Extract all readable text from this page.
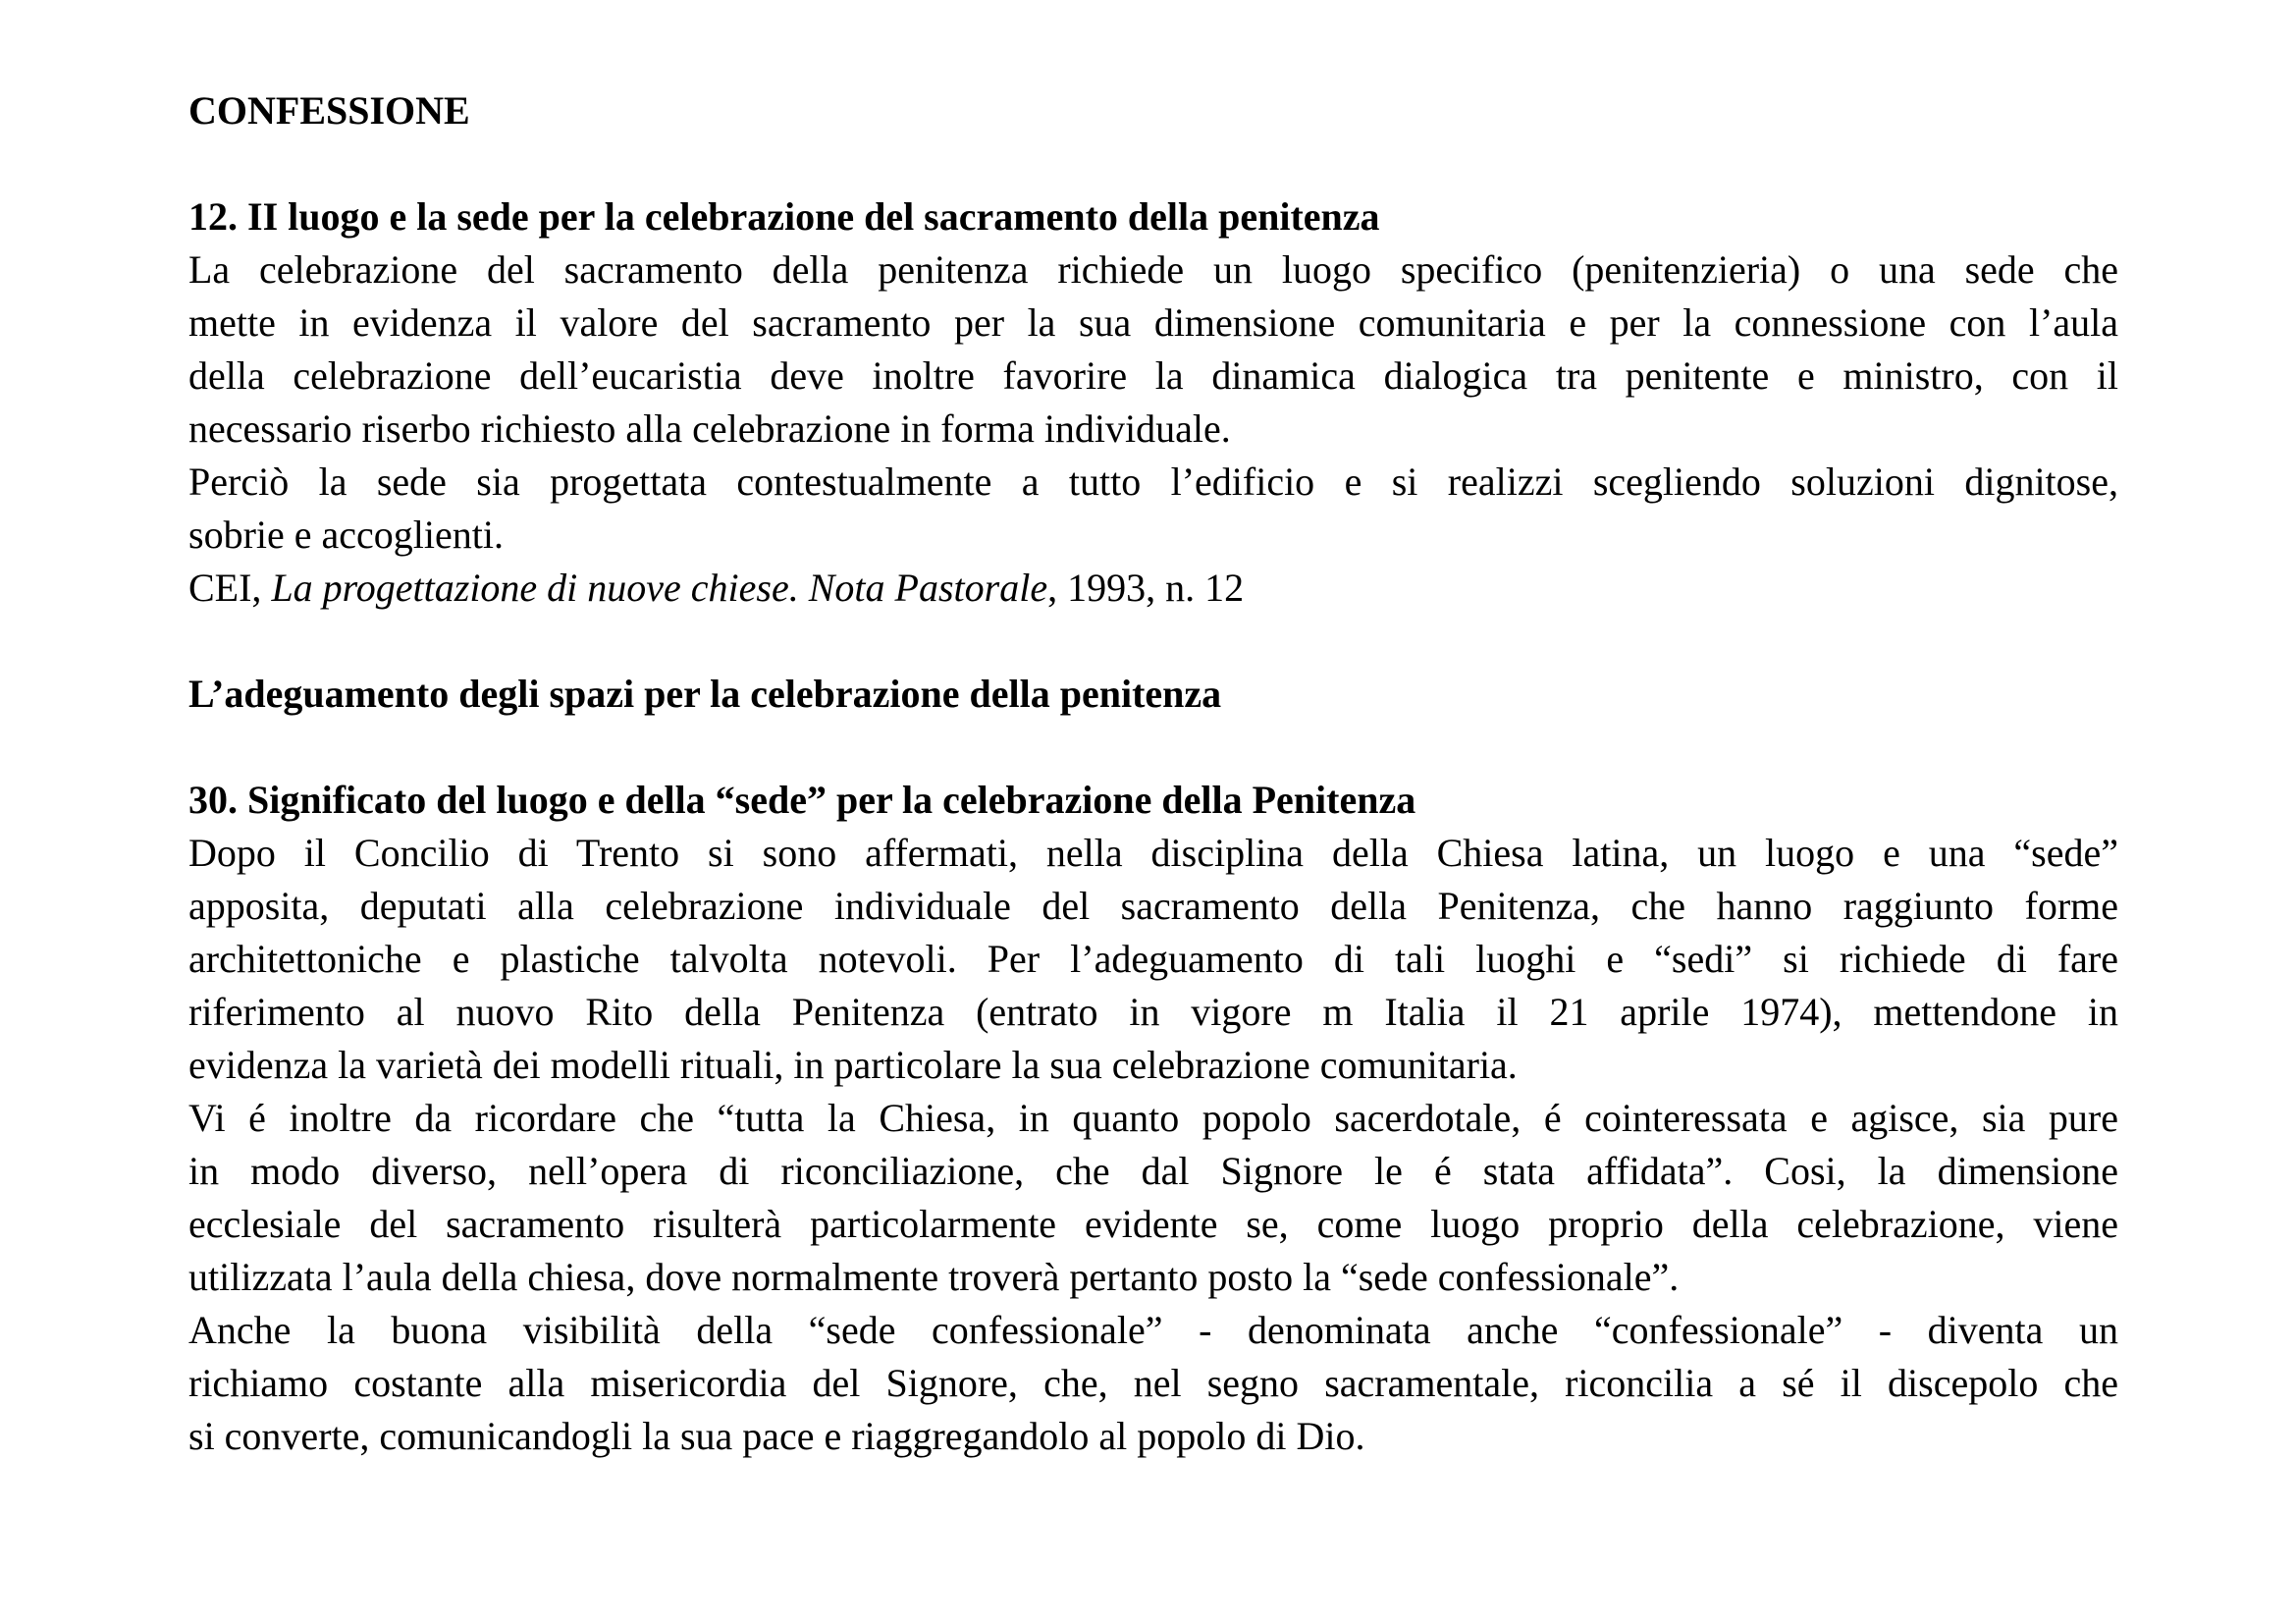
CONFESSIONE
12. II luogo e la sede per la celebrazione del sacramento della penitenza
La celebrazione del sacramento della penitenza richiede un luogo specifico (penitenzieria) o una sede che
mette in evidenza il valore del sacramento per la sua dimensione comunitaria e per la connessione con l’aula
della celebrazione dell’eucaristia deve inoltre favorire la dinamica dialogica tra penitente e ministro, con il
necessario riserbo richiesto alla celebrazione in forma individuale.
Perciò la sede sia progettata contestualmente a tutto l’edificio e si realizzi scegliendo soluzioni dignitose,
sobrie e accoglienti.
CEI, La progettazione di nuove chiese. Nota Pastorale, 1993, n. 12
L’adeguamento degli spazi per la celebrazione della penitenza
30. Significato del luogo e della “sede” per la celebrazione della Penitenza
Dopo il Concilio di Trento si sono affermati, nella disciplina della Chiesa latina, un luogo e una “sede”
apposita, deputati alla celebrazione individuale del sacramento della Penitenza, che hanno raggiunto forme
architettoniche e plastiche talvolta notevoli. Per l’adeguamento di tali luoghi e “sedi” si richiede di fare
riferimento al nuovo Rito della Penitenza (entrato in vigore m Italia il 21 aprile 1974), mettendone in
evidenza la varietà dei modelli rituali, in particolare la sua celebrazione comunitaria.
Vi é inoltre da ricordare che “tutta la Chiesa, in quanto popolo sacerdotale, é cointeressata e agisce, sia pure
in modo diverso, nell’opera di riconciliazione, che dal Signore le é stata affidata”. Cosi, la dimensione
ecclesiale del sacramento risulterà particolarmente evidente se, come luogo proprio della celebrazione, viene
utilizzata l’aula della chiesa, dove normalmente troverà pertanto posto la “sede confessionale”.
Anche la buona visibilità della “sede confessionale” - denominata anche “confessionale” - diventa un
richiamo costante alla misericordia del Signore, che, nel segno sacramentale, riconcilia a sé il discepolo che
si converte, comunicandogli la sua pace e riaggregandolo al popolo di Dio.
